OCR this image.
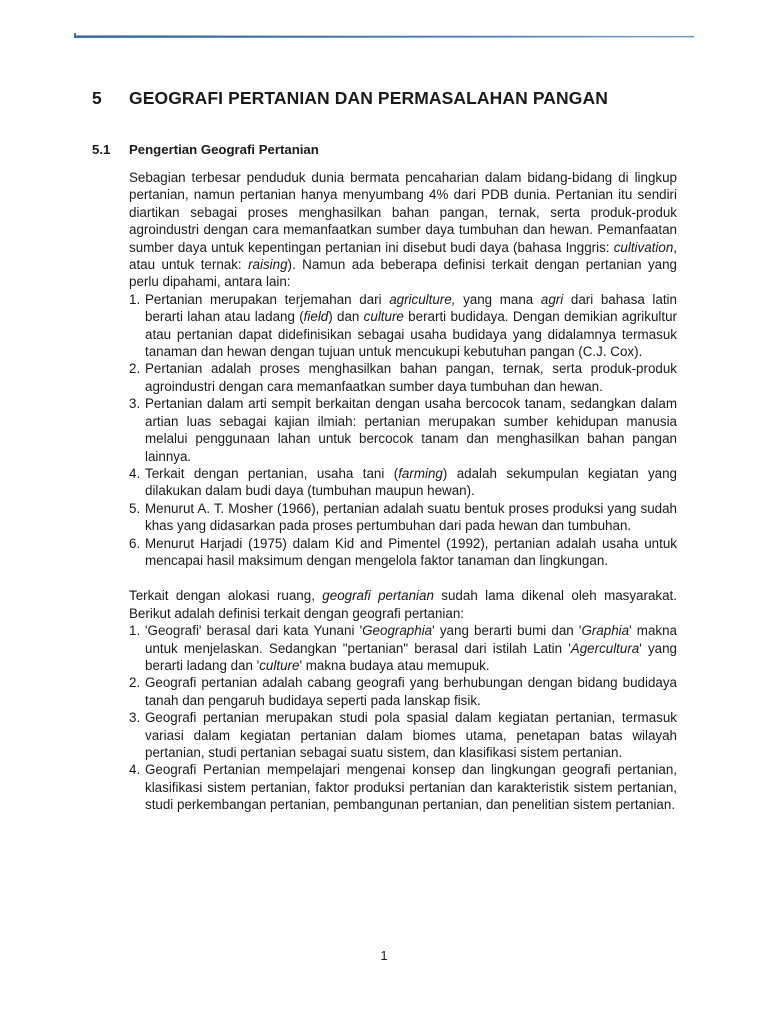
5	GEOGRAFI PERTANIAN DAN PERMASALAHAN PANGAN
5.1	Pengertian Geografi Pertanian

Sebagian terbesar penduduk dunia bermata pencaharian dalam bidang-bidang di lingkup pertanian, namun pertanian hanya menyumbang 4% dari PDB dunia. Pertanian itu sendiri diartikan sebagai proses menghasilkan bahan pangan, ternak, serta produk-produk agroindustri dengan cara memanfaatkan sumber daya tumbuhan dan hewan. Pemanfaatan sumber daya untuk kepentingan pertanian ini disebut budi daya (bahasa Inggris: cultivation, atau untuk ternak: raising). Namun ada beberapa definisi terkait dengan pertanian yang perlu dipahami, antara lain:

1. Pertanian merupakan terjemahan dari agriculture, yang mana agri dari bahasa latin berarti lahan atau ladang (field) dan culture berarti budidaya. Dengan demikian agrikultur atau pertanian dapat didefinisikan sebagai usaha budidaya yang didalamnya termasuk tanaman dan hewan dengan tujuan untuk mencukupi kebutuhan pangan (C.J. Cox).
2. Pertanian adalah proses menghasilkan bahan pangan, ternak, serta produk-produk agroindustri dengan cara memanfaatkan sumber daya tumbuhan dan hewan.
3. Pertanian dalam arti sempit berkaitan dengan usaha bercocok tanam, sedangkan dalam artian luas sebagai kajian ilmiah: pertanian merupakan sumber kehidupan manusia melalui penggunaan lahan untuk bercocok tanam dan menghasilkan bahan pangan lainnya.
4. Terkait dengan pertanian, usaha tani (farming) adalah sekumpulan kegiatan yang dilakukan dalam budi daya (tumbuhan maupun hewan).
5. Menurut A. T. Mosher (1966), pertanian adalah suatu bentuk proses produksi yang sudah khas yang didasarkan pada proses pertumbuhan dari pada hewan dan tumbuhan.
6. Menurut Harjadi (1975) dalam Kid and Pimentel (1992), pertanian adalah usaha untuk mencapai hasil maksimum dengan mengelola faktor tanaman dan lingkungan.

Terkait dengan alokasi ruang, geografi pertanian sudah lama dikenal oleh masyarakat. Berikut adalah definisi terkait dengan geografi pertanian:

1. 'Geografi' berasal dari kata Yunani 'Geographia' yang berarti bumi dan 'Graphia' makna untuk menjelaskan. Sedangkan "pertanian" berasal dari istilah Latin 'Agercultura' yang berarti ladang dan 'culture' makna budaya atau memupuk.
2. Geografi pertanian adalah cabang geografi yang berhubungan dengan bidang budidaya tanah dan pengaruh budidaya seperti pada lanskap fisik.
3. Geografi pertanian merupakan studi pola spasial dalam kegiatan pertanian, termasuk variasi dalam kegiatan pertanian dalam biomes utama, penetapan batas wilayah pertanian, studi pertanian sebagai suatu sistem, dan klasifikasi sistem pertanian.
4. Geografi Pertanian mempelajari mengenai konsep dan lingkungan geografi pertanian, klasifikasi sistem pertanian, faktor produksi pertanian dan karakteristik sistem pertanian, studi perkembangan pertanian, pembangunan pertanian, dan penelitian sistem pertanian.
1
